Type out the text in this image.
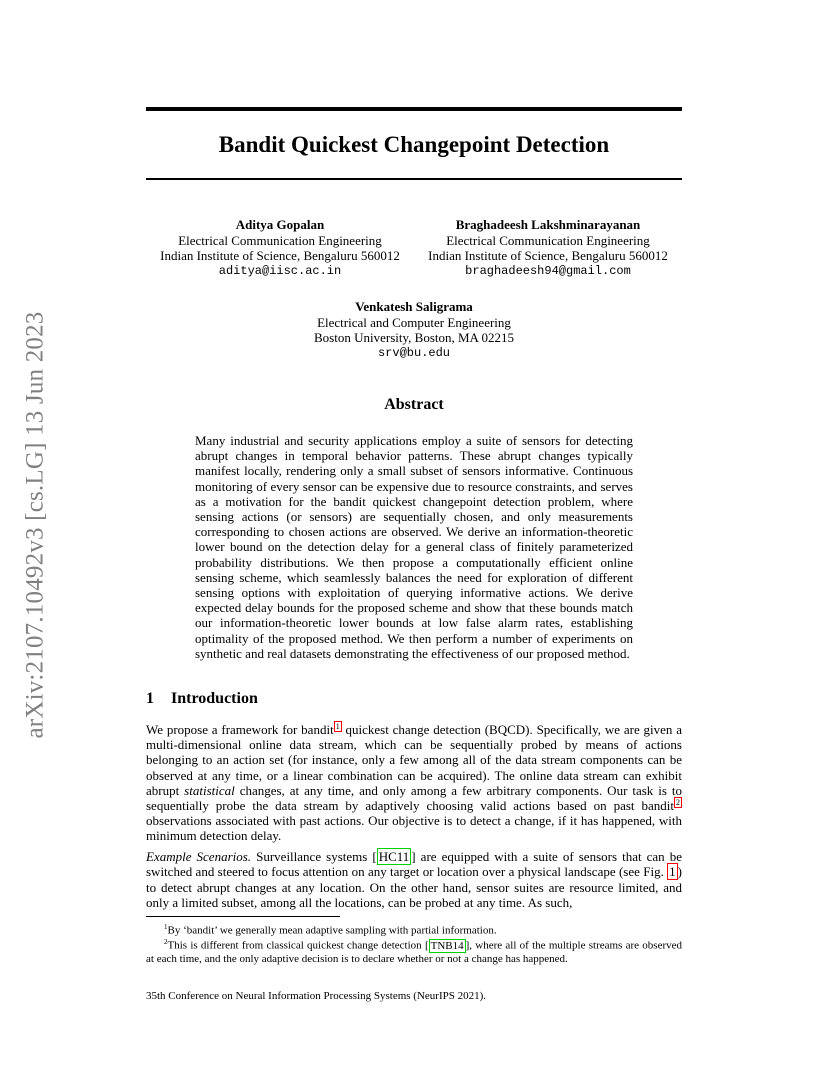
arXiv:2107.10492v3 [cs.LG] 13 Jun 2023
Bandit Quickest Changepoint Detection
Aditya Gopalan
Electrical Communication Engineering
Indian Institute of Science, Bengaluru 560012
aditya@iisc.ac.in
Braghadeesh Lakshminarayanan
Electrical Communication Engineering
Indian Institute of Science, Bengaluru 560012
braghadeesh94@gmail.com
Venkatesh Saligrama
Electrical and Computer Engineering
Boston University, Boston, MA 02215
srv@bu.edu
Abstract
Many industrial and security applications employ a suite of sensors for detecting abrupt changes in temporal behavior patterns. These abrupt changes typically manifest locally, rendering only a small subset of sensors informative. Continuous monitoring of every sensor can be expensive due to resource constraints, and serves as a motivation for the bandit quickest changepoint detection problem, where sensing actions (or sensors) are sequentially chosen, and only measurements corresponding to chosen actions are observed. We derive an information-theoretic lower bound on the detection delay for a general class of finitely parameterized probability distributions. We then propose a computationally efficient online sensing scheme, which seamlessly balances the need for exploration of different sensing options with exploitation of querying informative actions. We derive expected delay bounds for the proposed scheme and show that these bounds match our information-theoretic lower bounds at low false alarm rates, establishing optimality of the proposed method. We then perform a number of experiments on synthetic and real datasets demonstrating the effectiveness of our proposed method.
1 Introduction
We propose a framework for bandit $^1$ quickest change detection (BQCD). Specifically, we are given a multi-dimensional online data stream, which can be sequentially probed by means of actions belonging to an action set (for instance, only a few among all of the data stream components can be observed at any time, or a linear combination can be acquired). The online data stream can exhibit abrupt statistical changes, at any time, and only among a few arbitrary components. Our task is to sequentially probe the data stream by adaptively choosing valid actions based on past bandit $^2$ observations associated with past actions. Our objective is to detect a change, if it has happened, with minimum detection delay.
Example Scenarios. Surveillance systems [ HC11 ] are equipped with a suite of sensors that can be switched and steered to focus attention on any target or location over a physical landscape (see Fig. 1 ) to detect abrupt changes at any location. On the other hand, sensor suites are resource limited, and only a limited subset, among all the locations, can be probed at any time. As such,
$^1$By ‘bandit’ we generally mean adaptive sampling with partial information.
$^2$This is different from classical quickest change detection [ TNB14 ], where all of the multiple streams are observed at each time, and the only adaptive decision is to declare whether or not a change has happened.
35th Conference on Neural Information Processing Systems (NeurIPS 2021).
